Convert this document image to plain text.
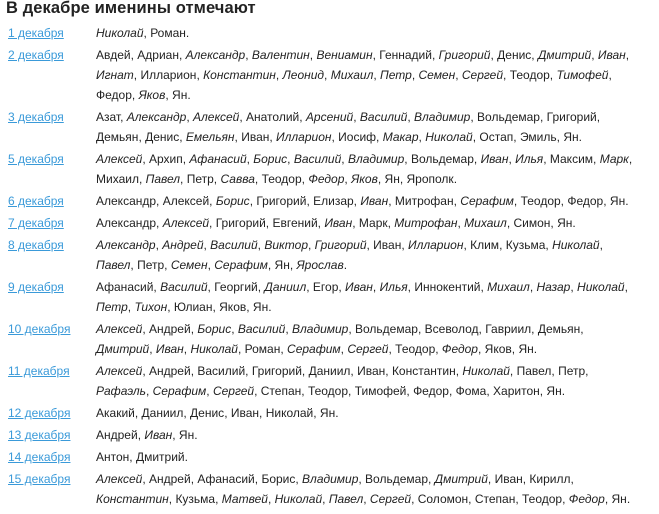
В декабре именины отмечают
1 декабря	Николай, Роман.
2 декабря	Авдей, Адриан, Александр, Валентин, Вениамин, Геннадий, Григорий, Денис, Дмитрий, Иван, Игнат, Илларион, Константин, Леонид, Михаил, Петр, Семен, Сергей, Теодор, Тимофей, Федор, Яков, Ян.
3 декабря	Азат, Александр, Алексей, Анатолий, Арсений, Василий, Владимир, Вольдемар, Григорий, Демьян, Денис, Емельян, Иван, Илларион, Иосиф, Макар, Николай, Остап, Эмиль, Ян.
5 декабря	Алексей, Архип, Афанасий, Борис, Василий, Владимир, Вольдемар, Иван, Илья, Максим, Марк, Михаил, Павел, Петр, Савва, Теодор, Федор, Яков, Ян, Ярополк.
6 декабря	Александр, Алексей, Борис, Григорий, Елизар, Иван, Митрофан, Серафим, Теодор, Федор, Ян.
7 декабря	Александр, Алексей, Григорий, Евгений, Иван, Марк, Митрофан, Михаил, Симон, Ян.
8 декабря	Александр, Андрей, Василий, Виктор, Григорий, Иван, Илларион, Клим, Кузьма, Николай, Павел, Петр, Семен, Серафим, Ян, Ярослав.
9 декабря	Афанасий, Василий, Георгий, Даниил, Егор, Иван, Илья, Иннокентий, Михаил, Назар, Николай, Петр, Тихон, Юлиан, Яков, Ян.
10 декабря	Алексей, Андрей, Борис, Василий, Владимир, Вольдемар, Всеволод, Гавриил, Демьян, Дмитрий, Иван, Николай, Роман, Серафим, Сергей, Теодор, Федор, Яков, Ян.
11 декабря	Алексей, Андрей, Василий, Григорий, Даниил, Иван, Константин, Николай, Павел, Петр, Рафаэль, Серафим, Сергей, Степан, Теодор, Тимофей, Федор, Фома, Харитон, Ян.
12 декабря	Акакий, Даниил, Денис, Иван, Николай, Ян.
13 декабря	Андрей, Иван, Ян.
14 декабря	Антон, Дмитрий.
15 декабря	Алексей, Андрей, Афанасий, Борис, Владимир, Вольдемар, Дмитрий, Иван, Кирилл, Константин, Кузьма, Матвей, Николай, Павел, Сергей, Соломон, Степан, Теодор, Федор, Ян.
